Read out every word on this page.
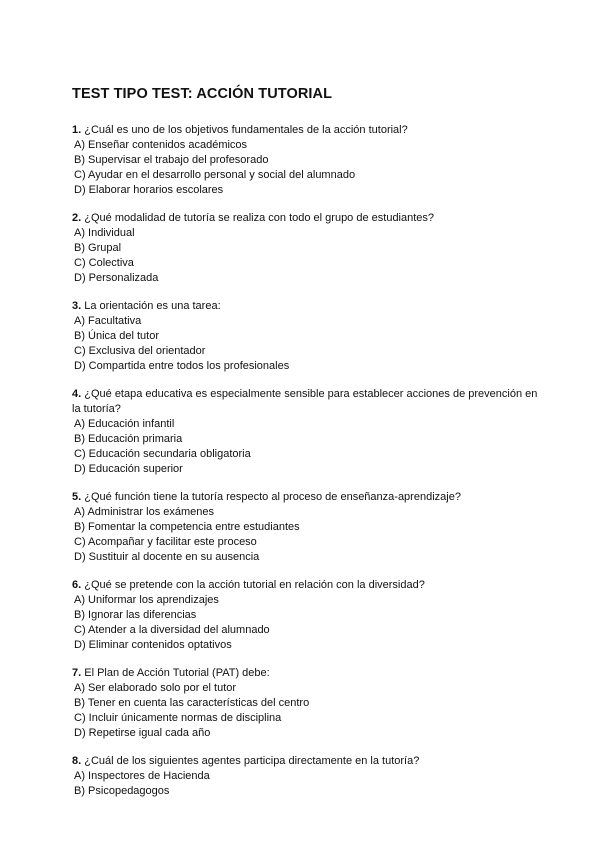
TEST TIPO TEST: ACCIÓN TUTORIAL

1. ¿Cuál es uno de los objetivos fundamentales de la acción tutorial?

A) Enseñar contenidos académicos
B) Supervisar el trabajo del profesorado
C) Ayudar en el desarrollo personal y social del alumnado
D) Elaborar horarios escolares

2. ¿Qué modalidad de tutoría se realiza con todo el grupo de estudiantes?

A) Individual
B) Grupal
C) Colectiva
D) Personalizada

3. La orientación es una tarea:

A) Facultativa
B) Única del tutor
C) Exclusiva del orientador
D) Compartida entre todos los profesionales

4. ¿Qué etapa educativa es especialmente sensible para establecer acciones de prevención en la tutoría?

A) Educación infantil
B) Educación primaria
C) Educación secundaria obligatoria
D) Educación superior

5. ¿Qué función tiene la tutoría respecto al proceso de enseñanza-aprendizaje?

A) Administrar los exámenes
B) Fomentar la competencia entre estudiantes
C) Acompañar y facilitar este proceso
D) Sustituir al docente en su ausencia

6. ¿Qué se pretende con la acción tutorial en relación con la diversidad?

A) Uniformar los aprendizajes
B) Ignorar las diferencias
C) Atender a la diversidad del alumnado
D) Eliminar contenidos optativos

7. El Plan de Acción Tutorial (PAT) debe:

A) Ser elaborado solo por el tutor
B) Tener en cuenta las características del centro
C) Incluir únicamente normas de disciplina
D) Repetirse igual cada año

8. ¿Cuál de los siguientes agentes participa directamente en la tutoría?

A) Inspectores de Hacienda
B) Psicopedagogos
